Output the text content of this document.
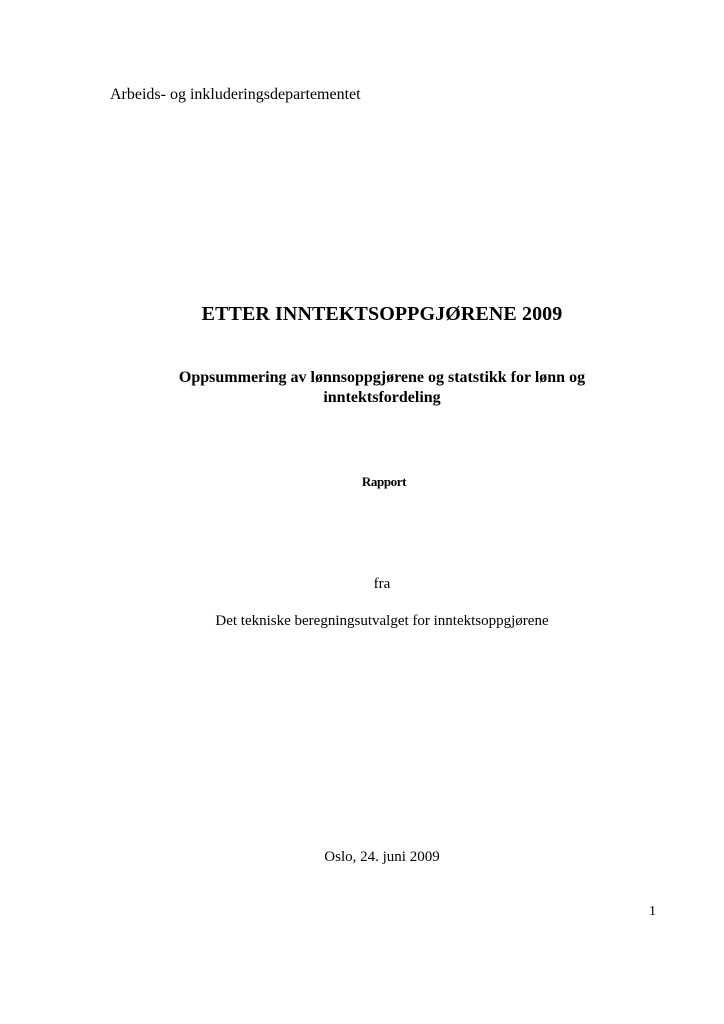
Arbeids- og inkluderingsdepartementet
ETTER INNTEKTSOPPGJØRENE 2009
Oppsummering av lønnsoppgjørene og statstikk for lønn og
inntektsfordeling
Rapport
fra
Det tekniske beregningsutvalget for inntektsoppgjørene
Oslo, 24. juni 2009
1
